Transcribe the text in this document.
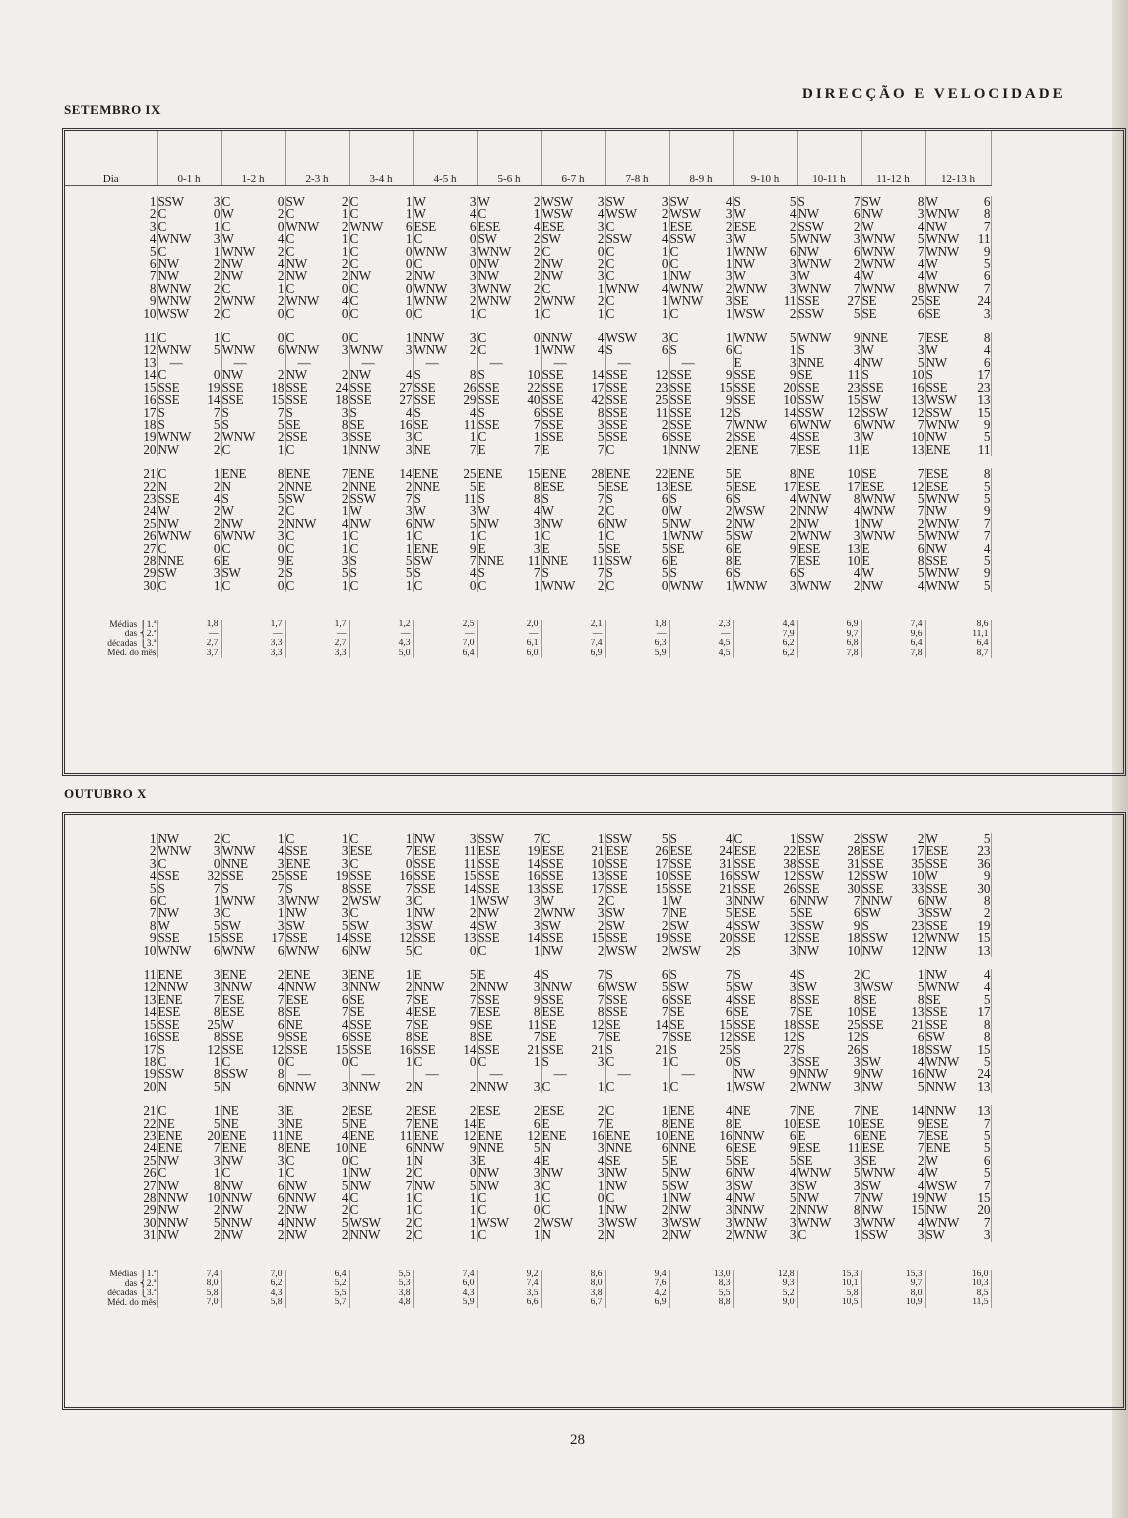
DIRECÇÃO E VELOCIDADE
SETEMBRO IX
Dia	0-1 h		1-2 h		2-3 h		3-4 h		4-5 h		5-6 h		6-7 h		7-8 h		8-9 h		9-10 h		10-11 h		11-12 h		12-13 h	

1	SSW	3	C	0	SW	2	C	1	W	3	W	2	WSW	3	SW	3	SW	4	S	5	S	7	SW	8	W	6
2	C	0	W	2	C	1	C	1	W	4	C	1	WSW	4	WSW	2	WSW	3	W	4	NW	6	NW	3	WNW	8
3	C	1	C	0	WNW	2	WNW	6	ESE	6	ESE	4	ESE	3	C	1	ESE	2	ESE	2	SSW	2	W	4	NW	7
4	WNW	3	W	4	C	1	C	1	C	0	SW	2	SW	2	SSW	4	SSW	3	W	5	WNW	3	WNW	5	WNW	11
5	C	1	WNW	2	C	1	C	0	WNW	3	WNW	2	C	0	C	1	C	1	WNW	6	NW	6	WNW	7	WNW	9
6	NW	2	NW	4	NW	2	C	0	C	0	NW	2	NW	2	C	0	C	1	NW	3	WNW	2	WNW	4	W	5
7	NW	2	NW	2	NW	2	NW	2	NW	3	NW	2	NW	3	C	1	NW	3	W	3	W	4	W	4	W	6
8	WNW	2	C	1	C	0	C	0	WNW	3	WNW	2	C	1	WNW	4	WNW	2	WNW	3	WNW	7	WNW	8	WNW	7
9	WNW	2	WNW	2	WNW	4	C	1	WNW	2	WNW	2	WNW	2	C	1	WNW	3	SE	11	SSE	27	SE	25	SE	24
10	WSW	2	C	0	C	0	C	0	C	1	C	1	C	1	C	1	C	1	WSW	2	SSW	5	SE	6	SE	3

11	C	1	C	0	C	0	C	1	NNW	3	C	0	NNW	4	WSW	3	C	1	WNW	5	WNW	9	NNE	7	ESE	8
12	WNW	5	WNW	6	WNW	3	WNW	3	WNW	2	C	1	WNW	4	S	6	S	6	C	1	S	3	W	3	W	4
13	—		—		—		—		—		—		—		—		—		E	3	NNE	4	NW	5	NW	6
14	C	0	NW	2	NW	2	NW	4	S	8	S	10	SSE	14	SSE	12	SSE	9	SSE	9	SE	11	S	10	S	17
15	SSE	19	SSE	18	SSE	24	SSE	27	SSE	26	SSE	22	SSE	17	SSE	23	SSE	15	SSE	20	SSE	23	SSE	16	SSE	23
16	SSE	14	SSE	15	SSE	18	SSE	27	SSE	29	SSE	40	SSE	42	SSE	25	SSE	9	SSE	10	SSW	15	SW	13	WSW	13
17	S	7	S	7	S	3	S	4	S	4	S	6	SSE	8	SSE	11	SSE	12	S	14	SSW	12	SSW	12	SSW	15
18	S	5	S	5	SE	8	SE	16	SE	11	SSE	7	SSE	3	SSE	2	SSE	7	WNW	6	WNW	6	WNW	7	WNW	9
19	WNW	2	WNW	2	SSE	3	SSE	3	C	1	C	1	SSE	5	SSE	6	SSE	2	SSE	4	SSE	3	W	10	NW	5
20	NW	2	C	1	C	1	NNW	3	NE	7	E	7	E	7	C	1	NNW	2	ENE	7	ESE	11	E	13	ENE	11

21	C	1	ENE	8	ENE	7	ENE	14	ENE	25	ENE	15	ENE	28	ENE	22	ENE	5	E	8	NE	10	SE	7	ESE	8
22	N	2	N	2	NNE	2	NNE	2	NNE	5	E	8	ESE	5	ESE	13	ESE	5	ESE	17	ESE	17	ESE	12	ESE	5
23	SSE	4	S	5	SW	2	SSW	7	S	11	S	8	S	7	S	6	S	6	S	4	WNW	8	WNW	5	WNW	5
24	W	2	W	2	C	1	W	3	W	3	W	4	W	2	C	0	W	2	WSW	2	NNW	4	WNW	7	NW	9
25	NW	2	NW	2	NNW	4	NW	6	NW	5	NW	3	NW	6	NW	5	NW	2	NW	2	NW	1	NW	2	WNW	7
26	WNW	6	WNW	3	C	1	C	1	C	1	C	1	C	1	C	1	WNW	5	SW	2	WNW	3	WNW	5	WNW	7
27	C	0	C	0	C	1	C	1	ENE	9	E	3	E	5	SE	5	SE	6	E	9	ESE	13	E	6	NW	4
28	NNE	6	E	9	E	3	S	5	SW	7	NNE	11	NNE	11	SSW	6	E	8	E	7	ESE	10	E	8	SSE	5
29	SW	3	SW	2	S	5	S	5	S	4	S	7	S	7	S	5	S	6	S	6	S	4	W	5	WNW	9
30	C	1	C	0	C	1	C	1	C	0	C	1	WNW	2	C	0	WNW	1	WNW	3	WNW	2	NW	4	WNW	5

Médias ⎧1.ª	1,8		1,7		1,7		1,2		2,5		2,0		2,1		1,8		2,3		4,4		6,9		7,4		8,6	
das ⎨2.ª	—		—		—		—		—		—		—		—		—		7,9		9,7		9,6		11,1	
décadas ⎩3.ª	2,7		3,3		2,7		4,3		7,0		6,1		7,4		6,3		4,5		6,2		6,8		6,4		6,4	
Méd. do mês	3,7		3,3		3,3		5,0		6,4		6,0		6,9		5,9		4,5		6,2		7,8		7,8		8,7	
OUTUBRO X

1	NW	2	C	1	C	1	C	1	NW	3	SSW	7	C	1	SSW	5	S	4	C	1	SSW	2	SSW	2	W	5
2	WNW	3	WNW	4	SSE	3	ESE	7	ESE	11	ESE	19	ESE	21	ESE	26	ESE	24	ESE	22	ESE	28	ESE	17	ESE	23
3	C	0	NNE	3	ENE	3	C	0	SSE	11	SSE	14	SSE	10	SSE	17	SSE	31	SSE	38	SSE	31	SSE	35	SSE	36
4	SSE	32	SSE	25	SSE	19	SSE	16	SSE	15	SSE	16	SSE	13	SSE	10	SSE	16	SSW	12	SSW	12	SSW	10	W	9
5	S	7	S	7	S	8	SSE	7	SSE	14	SSE	13	SSE	17	SSE	15	SSE	21	SSE	26	SSE	30	SSE	33	SSE	30
6	C	1	WNW	3	WNW	2	WSW	3	C	1	WSW	3	W	2	C	1	W	3	NNW	6	NNW	7	NNW	6	NW	8
7	NW	3	C	1	NW	3	C	1	NW	2	NW	2	WNW	3	SW	7	NE	5	ESE	5	SE	6	SW	3	SSW	2
8	W	5	SW	3	SW	5	SW	3	SW	4	SW	3	SW	2	SW	2	SW	4	SSW	3	SSW	9	S	23	SSE	19
9	SSE	15	SSE	17	SSE	14	SSE	12	SSE	13	SSE	14	SSE	15	SSE	19	SSE	20	SSE	12	SSE	18	SSW	12	WNW	15
10	WNW	6	WNW	6	WNW	6	NW	5	C	0	C	1	NW	2	WSW	2	WSW	2	S	3	NW	10	NW	12	NW	13

11	ENE	3	ENE	2	ENE	3	ENE	1	E	5	E	4	S	7	S	6	S	7	S	4	S	2	C	1	NW	4
12	NNW	3	NNW	4	NNW	3	NNW	2	NNW	2	NNW	3	NNW	6	WSW	5	SW	5	SW	3	SW	3	WSW	5	WNW	4
13	ENE	7	ESE	7	ESE	6	SE	7	SE	7	SSE	9	SSE	7	SSE	6	SSE	4	SSE	8	SSE	8	SE	8	SE	5
14	ESE	8	ESE	8	SE	7	SE	4	ESE	7	ESE	8	ESE	8	SSE	7	SE	6	SE	7	SE	10	SE	13	SSE	17
15	SSE	25	W	6	NE	4	SSE	7	SE	9	SE	11	SE	12	SE	14	SE	15	SSE	18	SSE	25	SSE	21	SSE	8
16	SSE	8	SSE	9	SSE	6	SSE	8	SE	8	SE	7	SE	7	SE	7	SSE	12	SSE	12	S	12	S	6	SW	8
17	S	12	SSE	12	SSE	15	SSE	16	SSE	14	SSE	21	SSE	21	S	21	S	25	S	27	S	26	S	18	SSW	15
18	C	1	C	0	C	0	C	1	C	0	C	1	S	3	C	1	C	0	S	3	SSE	3	SW	4	WNW	5
19	SSW	8	SSW	8	—		—		—		—		—		—		—		NW	9	NNW	9	NW	16	NW	24
20	N	5	N	6	NNW	3	NNW	2	N	2	NNW	3	C	1	C	1	C	1	WSW	2	WNW	3	NW	5	NNW	13

21	C	1	NE	3	E	2	ESE	2	ESE	2	ESE	2	ESE	2	C	1	ENE	4	NE	7	NE	7	NE	14	NNW	13
22	NE	5	NE	3	NE	5	NE	7	ENE	14	E	6	E	7	E	8	ENE	8	E	10	ESE	10	ESE	9	ESE	7
23	ENE	20	ENE	11	NE	4	ENE	11	ENE	12	ENE	12	ENE	16	ENE	10	ENE	16	NNW	6	E	6	ENE	7	ESE	5
24	ENE	7	ENE	8	ENE	10	NE	6	NNW	9	NNE	5	N	3	NNE	6	NNE	6	ESE	9	ESE	11	ESE	7	ENE	5
25	NW	3	NW	3	C	0	C	1	N	3	E	4	E	4	SE	5	E	5	SE	5	SE	3	SE	2	W	6
26	C	1	C	1	C	1	NW	2	C	0	NW	3	NW	3	NW	5	NW	6	NW	4	WNW	5	WNW	4	W	5
27	NW	8	NW	6	NW	5	NW	7	NW	5	NW	3	C	1	NW	5	SW	3	SW	3	SW	3	SW	4	WSW	7
28	NNW	10	NNW	6	NNW	4	C	1	C	1	C	1	C	0	C	1	NW	4	NW	5	NW	7	NW	19	NW	15
29	NW	2	NW	2	NW	2	C	1	C	1	C	0	C	1	NW	2	NW	3	NNW	2	NNW	8	NW	15	NW	20
30	NNW	5	NNW	4	NNW	5	WSW	2	C	1	WSW	2	WSW	3	WSW	3	WSW	3	WNW	3	WNW	3	WNW	4	WNW	7
31	NW	2	NW	2	NW	2	NNW	2	C	1	C	1	N	2	N	2	NW	2	WNW	3	C	1	SSW	3	SW	3

Médias ⎧1.ª	7,4		7,0		6,4		5,5		7,4		9,2		8,6		9,4		13,0		12,8		15,3		15,3		16,0	
das ⎨2.ª	8,0		6,2		5,2		5,3		6,0		7,4		8,0		7,6		8,3		9,3		10,1		9,7		10,3	
décadas ⎩3.ª	5,8		4,3		5,5		3,8		4,3		3,5		3,8		4,2		5,5		5,2		5,8		8,0		8,5	
Méd. do mês	7,0		5,8		5,7		4,8		5,9		6,6		6,7		6,9		8,8		9,0		10,5		10,9		11,5	
28
